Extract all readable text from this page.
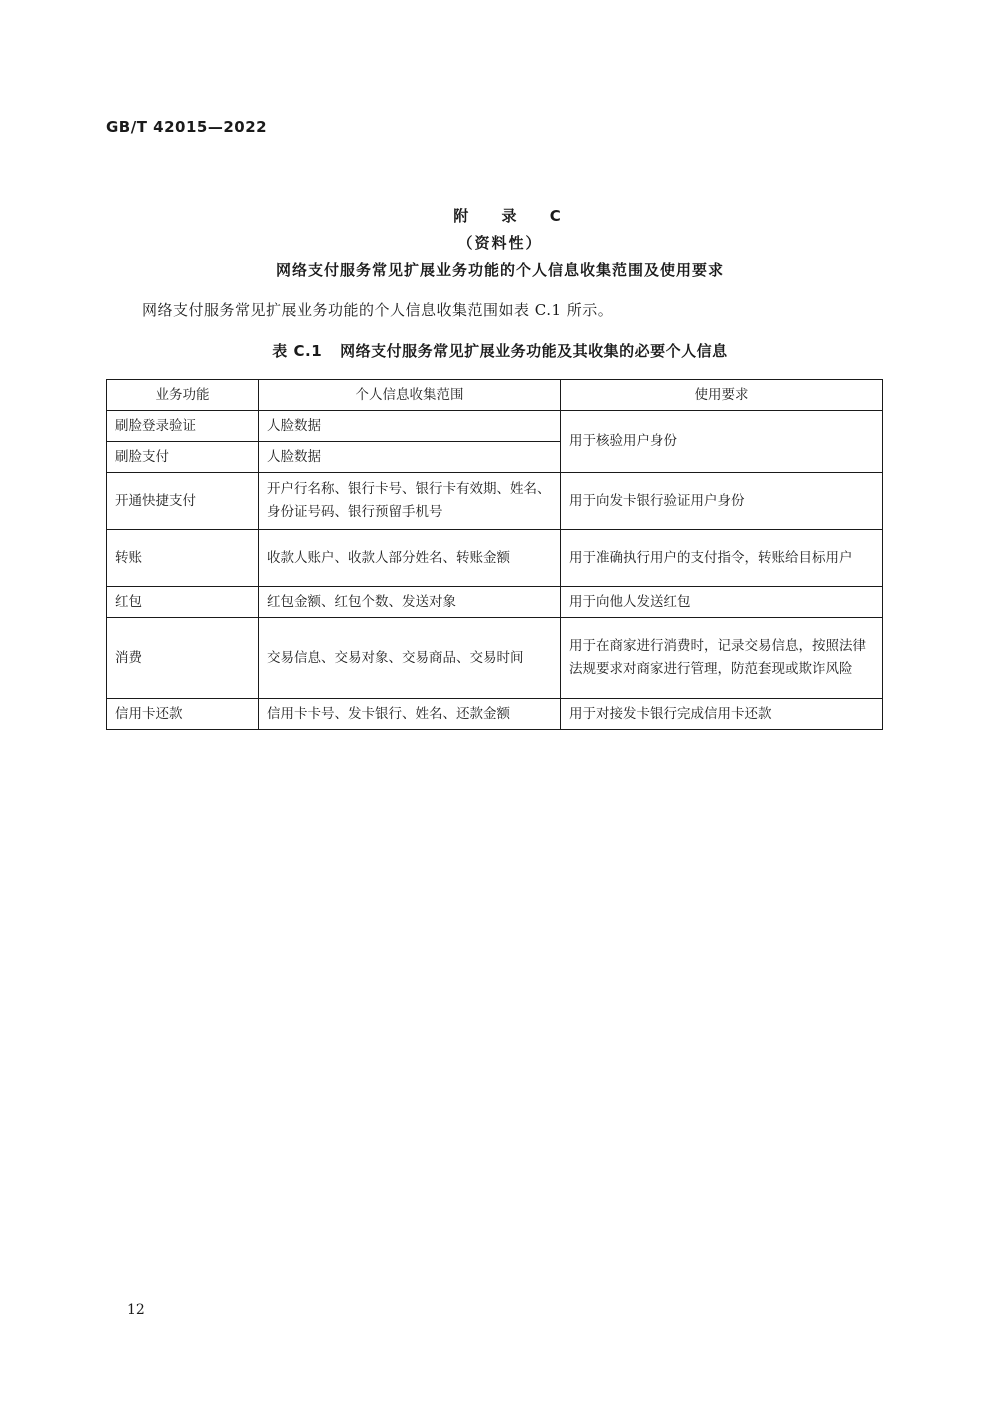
GB/T 42015—2022
附 录 C
（资料性）
网络支付服务常见扩展业务功能的个人信息收集范围及使用要求
网络支付服务常见扩展业务功能的个人信息收集范围如表 C.1 所示。
表 C.1 网络支付服务常见扩展业务功能及其收集的必要个人信息
业务功能	个人信息收集范围	使用要求
刷脸登录验证	人脸数据	用于核验用户身份
刷脸支付	人脸数据	
开通快捷支付	开户行名称、银行卡号、银行卡有效期、姓名、身份证号码、银行预留手机号	用于向发卡银行验证用户身份
转账	收款人账户、收款人部分姓名、转账金额	用于准确执行用户的支付指令，转账给目标用户
红包	红包金额、红包个数、发送对象	用于向他人发送红包
消费	交易信息、交易对象、交易商品、交易时间	用于在商家进行消费时，记录交易信息，按照法律法规要求对商家进行管理，防范套现或欺诈风险
信用卡还款	信用卡卡号、发卡银行、姓名、还款金额	用于对接发卡银行完成信用卡还款
12
